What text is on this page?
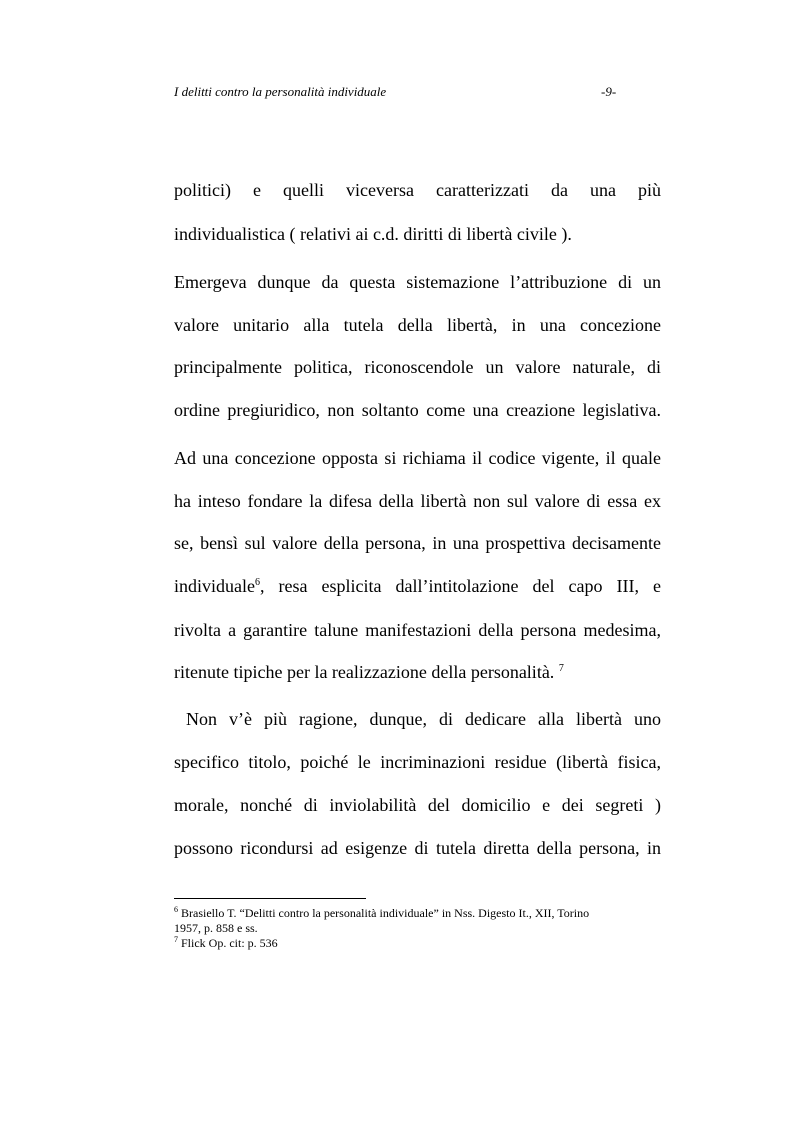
I delitti contro la personalità individuale	-9-
politici) e quelli viceversa caratterizzati da una più
individualistica ( relativi ai c.d. diritti di libertà civile ).
Emergeva dunque da questa sistemazione l’attribuzione di un
valore unitario alla tutela della libertà, in una concezione
principalmente politica, riconoscendole un valore naturale, di
ordine pregiuridico, non soltanto come una creazione legislativa.
Ad una concezione opposta si richiama il codice vigente, il quale
ha inteso fondare la difesa della libertà non sul valore di essa ex
se, bensì sul valore della persona, in una prospettiva decisamente
individuale$^6$ , resa esplicita dall’intitolazione del capo III, e
rivolta a garantire talune manifestazioni della persona medesima,
ritenute tipiche per la realizzazione della personalità. $^7$
Non v’è più ragione, dunque, di dedicare alla libertà uno
specifico titolo, poiché le incriminazioni residue (libertà fisica,
morale, nonché di inviolabilità del domicilio e dei segreti )
possono ricondursi ad esigenze di tutela diretta della persona, in
$^6$ Brasiello T. “Delitti contro la personalità individuale” in Nss. Digesto It., XII, Torino
1957, p. 858 e ss.
$^7$ Flick Op. cit: p. 536
